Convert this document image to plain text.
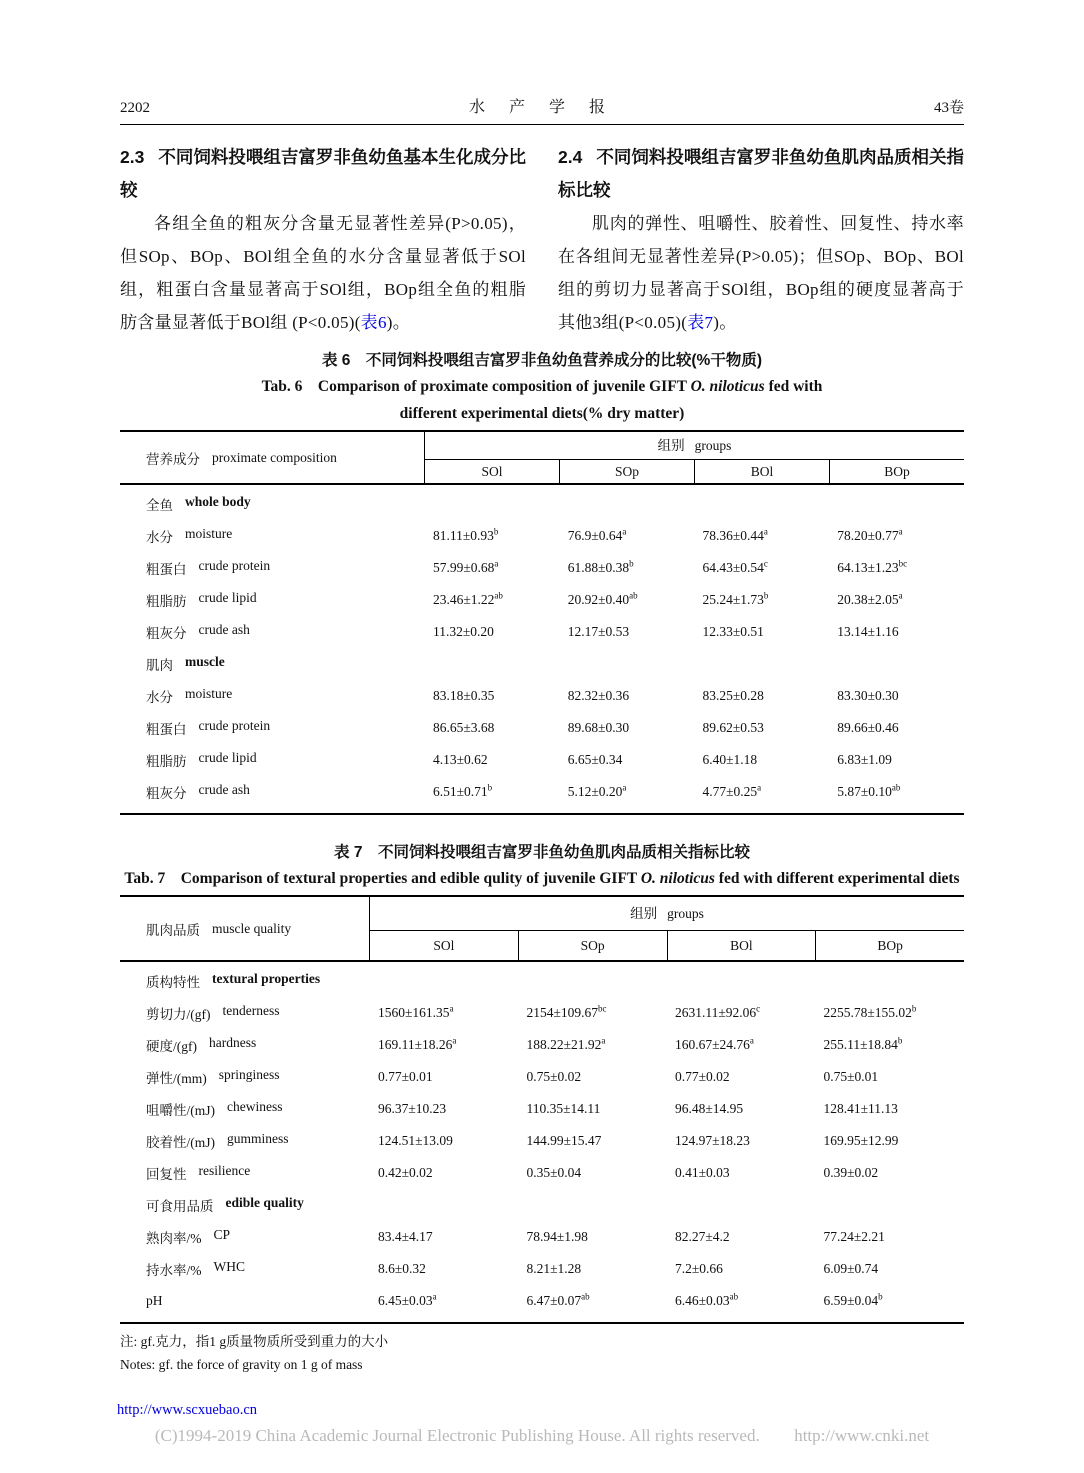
2202	水 产 学 报	43卷
2.3 不同饲料投喂组吉富罗非鱼幼鱼基本生化成分比较

各组全鱼的粗灰分含量无显著性差异(P>0.05)，但SOp、BOp、BOl组全鱼的水分含量显著低于SOl组，粗蛋白含量显著高于SOl组，BOp组全鱼的粗脂肪含量显著低于BOl组 (P<0.05)(表6)。

2.4 不同饲料投喂组吉富罗非鱼幼鱼肌肉品质相关指标比较

肌肉的弹性、咀嚼性、胶着性、回复性、持水率在各组间无显著性差异(P>0.05)；但SOp、BOp、BOl组的剪切力显著高于SOl组，BOp组的硬度显著高于其他3组(P<0.05)(表7)。

表 6　不同饲料投喂组吉富罗非鱼幼鱼营养成分的比较(%干物质)
Tab. 6　Comparison of proximate composition of juvenile GIFT O. niloticus fed with
different experimental diets(% dry matter)
营养成分 proximate composition
组别 groups
SOl	SOp	BOl	BOp
全鱼 whole body
水分 moisture	81.11±0.93$^b$	76.9±0.64$^a$	78.36±0.44$^a$	78.20±0.77$^a$
粗蛋白 crude protein	57.99±0.68$^a$	61.88±0.38$^b$	64.43±0.54$^c$	64.13±1.23$^{bc}$
粗脂肪 crude lipid	23.46±1.22$^{ab}$	20.92±0.40$^{ab}$	25.24±1.73$^b$	20.38±2.05$^a$
粗灰分 crude ash	11.32±0.20	12.17±0.53	12.33±0.51	13.14±1.16
肌肉 muscle
水分 moisture	83.18±0.35	82.32±0.36	83.25±0.28	83.30±0.30
粗蛋白 crude protein	86.65±3.68	89.68±0.30	89.62±0.53	89.66±0.46
粗脂肪 crude lipid	4.13±0.62	6.65±0.34	6.40±1.18	6.83±1.09
粗灰分 crude ash	6.51±0.71$^b$	5.12±0.20$^a$	4.77±0.25$^a$	5.87±0.10$^{ab}$
表 7　不同饲料投喂组吉富罗非鱼幼鱼肌肉品质相关指标比较
Tab. 7　Comparison of textural properties and edible qulity of juvenile GIFT O. niloticus fed with different experimental diets
肌肉品质 muscle quality
组别 groups
SOl	SOp	BOl	BOp
质构特性 textural properties
剪切力/(gf) tenderness	1560±161.35$^a$	2154±109.67$^{bc}$	2631.11±92.06$^c$	2255.78±155.02$^b$
硬度/(gf) hardness	169.11±18.26$^a$	188.22±21.92$^a$	160.67±24.76$^a$	255.11±18.84$^b$
弹性/(mm) springiness	0.77±0.01	0.75±0.02	0.77±0.02	0.75±0.01
咀嚼性/(mJ) chewiness	96.37±10.23	110.35±14.11	96.48±14.95	128.41±11.13
胶着性/(mJ) gumminess	124.51±13.09	144.99±15.47	124.97±18.23	169.95±12.99
回复性 resilience	0.42±0.02	0.35±0.04	0.41±0.03	0.39±0.02
可食用品质 edible quality
熟肉率/% CP	83.4±4.17	78.94±1.98	82.27±4.2	77.24±2.21
持水率/% WHC	8.6±0.32	8.21±1.28	7.2±0.66	6.09±0.74
pH	6.45±0.03$^a$	6.47±0.07$^{ab}$	6.46±0.03$^{ab}$	6.59±0.04$^b$
注: gf.克力，指1 g质量物质所受到重力的大小
Notes: gf. the force of gravity on 1 g of mass
http://www.scxuebao.cn
(C)1994-2019 China Academic Journal Electronic Publishing House. All rights reserved. http://www.cnki.net
